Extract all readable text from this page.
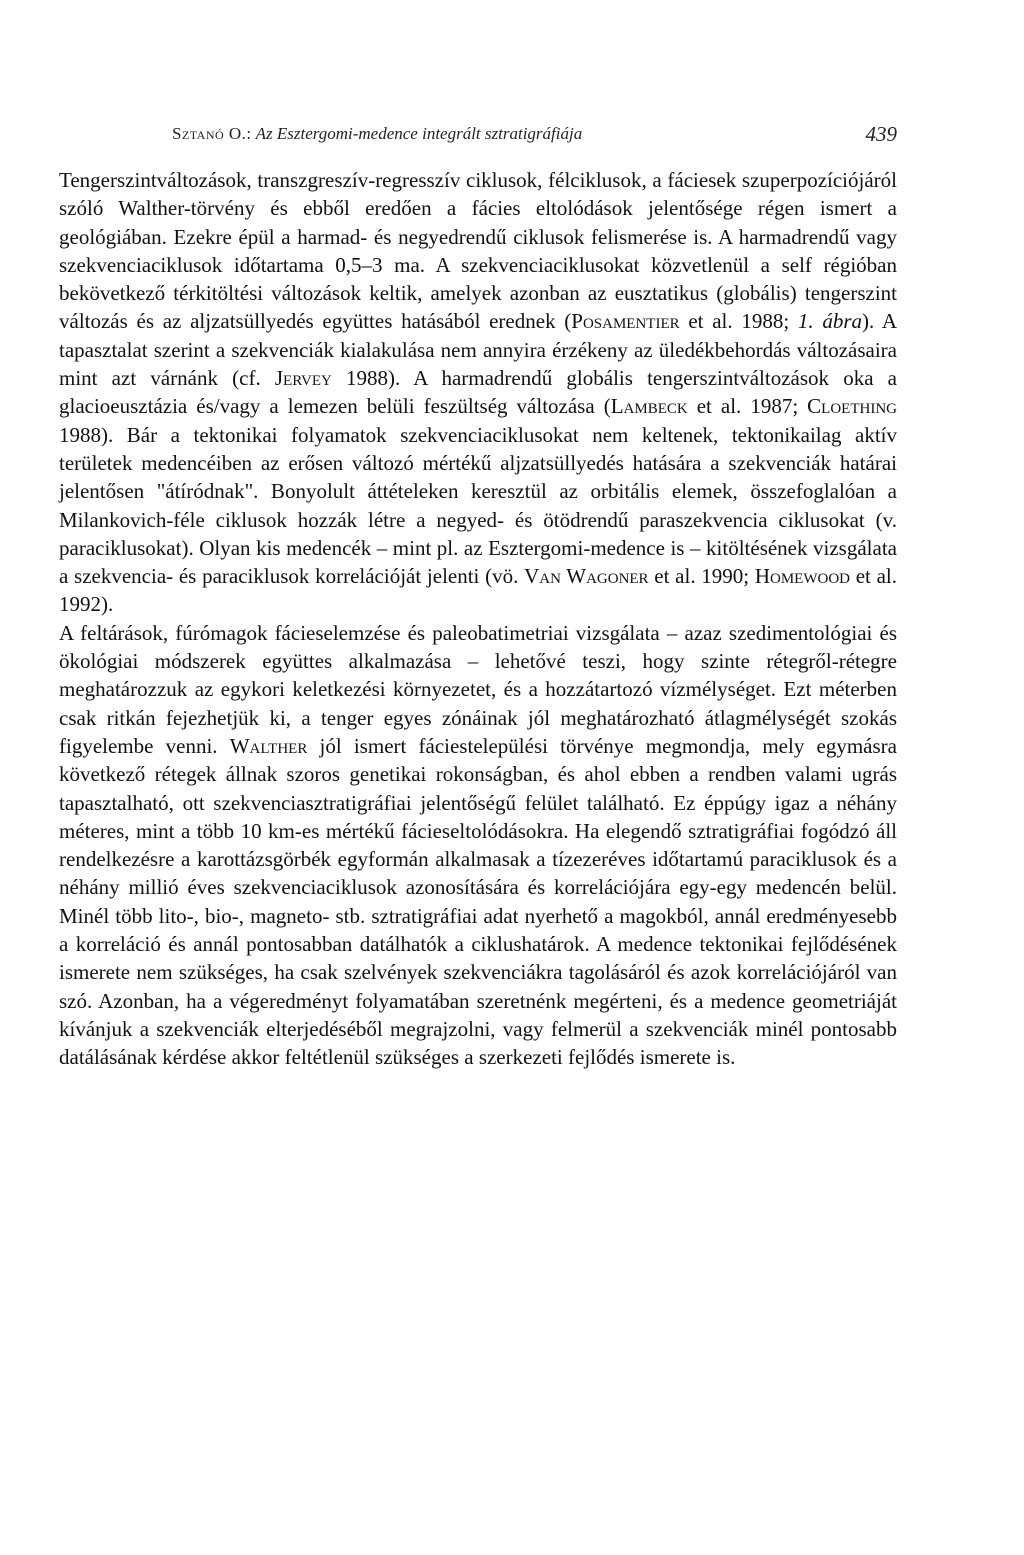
Sztanó O.: Az Esztergomi-medence integrált sztratigráfiája	439

Tengerszintváltozások, transzgreszív-regresszív ciklusok, félciklusok, a fáciesek szuperpozíciójáról szóló Walther-törvény és ebből eredően a fácies eltolódások jelentősége régen ismert a geológiában. Ezekre épül a harmad- és negyedrendű ciklusok felismerése is. A harmadrendű vagy szekvenciaciklusok időtartama 0,5–3 ma. A szekvenciaciklusokat közvetlenül a self régióban bekövetkező térkitöltési változások keltik, amelyek azonban az eusztatikus (globális) tengerszint változás és az aljzatsüllyedés együttes hatásából erednek (Posamentier et al. 1988; 1. ábra). A tapasztalat szerint a szekvenciák kialakulása nem annyira érzékeny az üledékbehordás változásaira mint azt várnánk (cf. Jervey 1988). A harmadrendű globális tengerszintváltozások oka a glacioeusztázia és/vagy a lemezen belüli feszültség változása (Lambeck et al. 1987; Cloething 1988). Bár a tektonikai folyamatok szekvenciaciklusokat nem keltenek, tektonikailag aktív területek medencéiben az erősen változó mértékű aljzatsüllyedés hatására a szekvenciák határai jelentősen "átíródnak". Bonyolult áttételeken keresztül az orbitális elemek, összefoglalóan a Milankovich-féle ciklusok hozzák létre a negyed- és ötödrendű paraszekvencia ciklusokat (v. paraciklusokat). Olyan kis medencék – mint pl. az Esztergomi-medence is – kitöltésének vizsgálata a szekvencia- és paraciklusok korrelációját jelenti (vö. Van Wagoner et al. 1990; Homewood et al. 1992).

A feltárások, fúrómagok fácieselemzése és paleobatimetriai vizsgálata – azaz szedimentológiai és ökológiai módszerek együttes alkalmazása – lehetővé teszi, hogy szinte rétegről-rétegre meghatározzuk az egykori keletkezési környezetet, és a hozzátartozó vízmélységet. Ezt méterben csak ritkán fejezhetjük ki, a tenger egyes zónáinak jól meghatározható átlagmélységét szokás figyelembe venni. Walther jól ismert fáciestelepülési törvénye megmondja, mely egymásra következő rétegek állnak szoros genetikai rokonságban, és ahol ebben a rendben valami ugrás tapasztalható, ott szekvenciasztratigráfiai jelentőségű felület található. Ez éppúgy igaz a néhány méteres, mint a több 10 km-es mértékű fácieseltolódásokra. Ha elegendő sztratigráfiai fogódzó áll rendelkezésre a karottázsgörbék egyformán alkalmasak a tízezeréves időtartamú paraciklusok és a néhány millió éves szekvenciaciklusok azonosítására és korrelációjára egy-egy medencén belül. Minél több lito-, bio-, magneto- stb. sztratigráfiai adat nyerhető a magokból, annál eredményesebb a korreláció és annál pontosabban datálhatók a ciklushatárok. A medence tektonikai fejlődésének ismerete nem szükséges, ha csak szelvények szekvenciákra tagolásáról és azok korrelációjáról van szó. Azonban, ha a végeredményt folyamatában szeretnénk megérteni, és a medence geometriáját kívánjuk a szekvenciák elterjedéséből megrajzolni, vagy felmerül a szekvenciák minél pontosabb datálásának kérdése akkor feltétlenül szükséges a szerkezeti fejlődés ismerete is.
